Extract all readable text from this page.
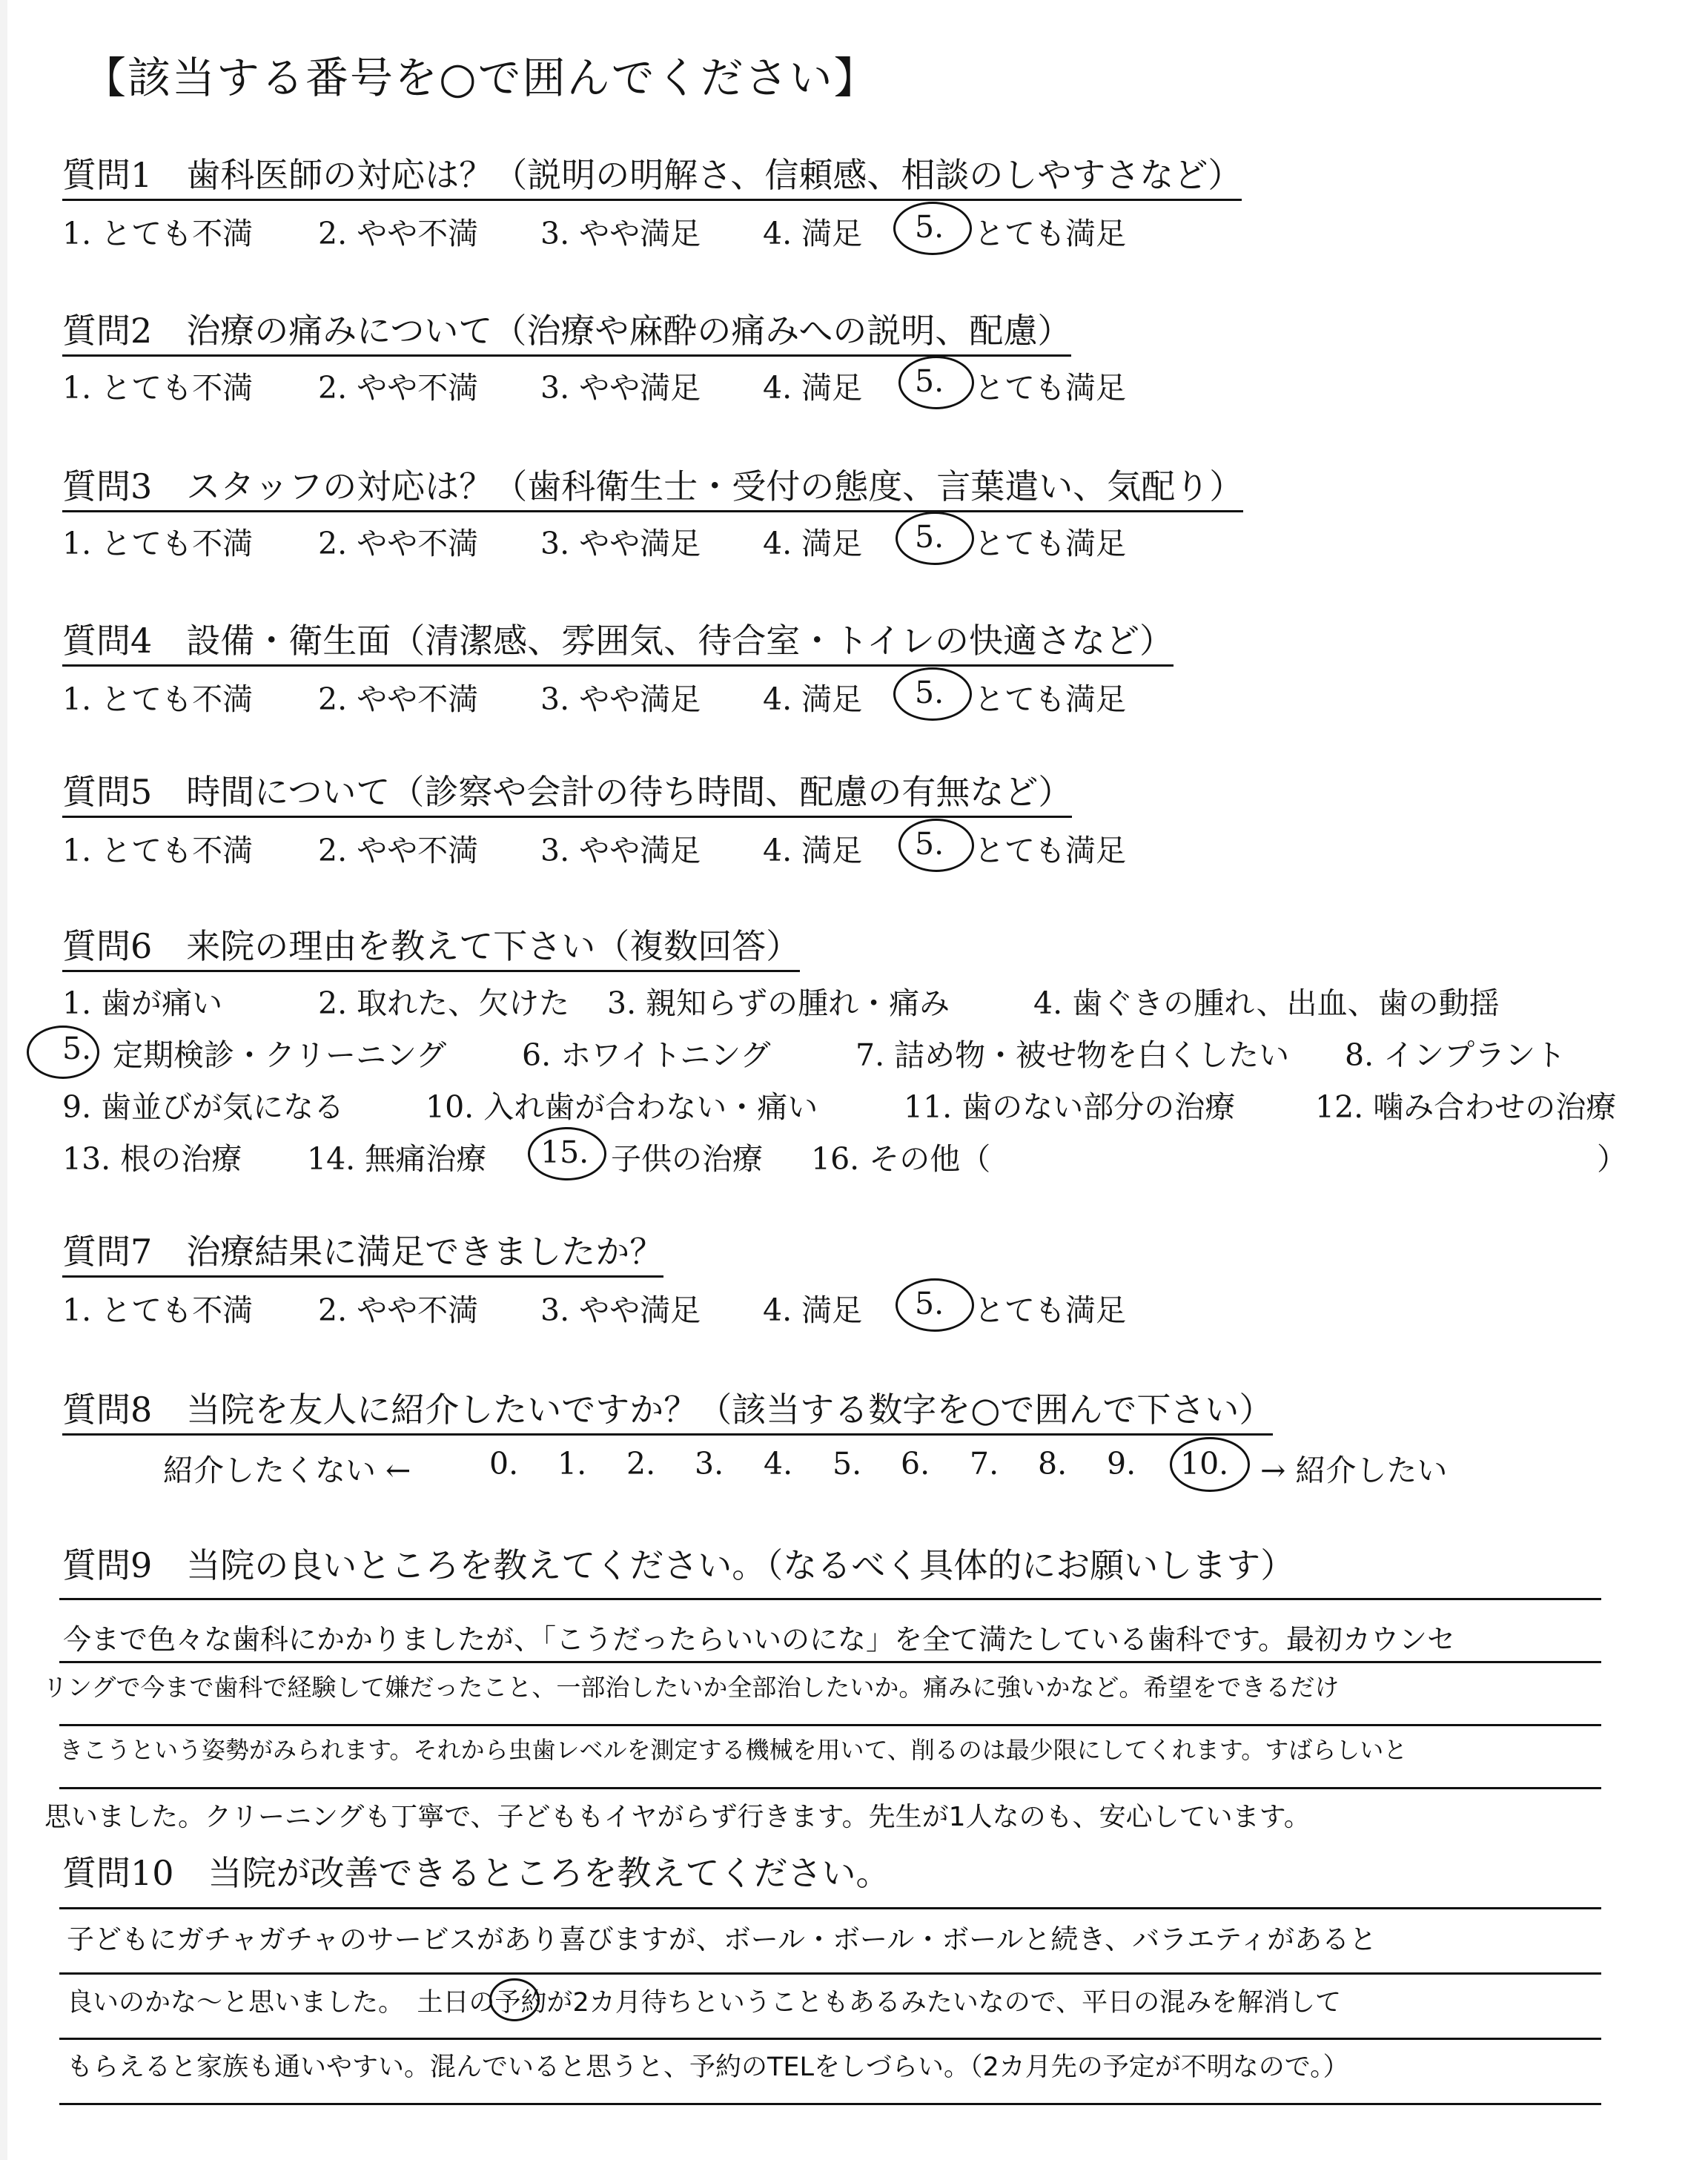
【該当する番号を○で囲んでください】
質問1　歯科医師の対応は？（説明の明解さ、信頼感、相談のしやすさなど）
1. とても不満 2. やや不満 3. やや満足 4. 満足 5. とても満足
質問2　治療の痛みについて（治療や麻酔の痛みへの説明、配慮）
1. とても不満 2. やや不満 3. やや満足 4. 満足 5. とても満足
質問3　スタッフの対応は？（歯科衛生士・受付の態度、言葉遣い、気配り）
1. とても不満 2. やや不満 3. やや満足 4. 満足 5. とても満足
質問4　設備・衛生面（清潔感、雰囲気、待合室・トイレの快適さなど）
1. とても不満 2. やや不満 3. やや満足 4. 満足 5. とても満足
質問5　時間について（診察や会計の待ち時間、配慮の有無など）
1. とても不満 2. やや不満 3. やや満足 4. 満足 5. とても満足
質問6　来院の理由を教えて下さい（複数回答）
1. 歯が痛い	2. 取れた、欠けた 3. 親知らずの腫れ・痛み	4. 歯ぐきの腫れ、出血、歯の動揺
5. 定期検診・クリーニング 6. ホワイトニング	7. 詰め物・被せ物を白くしたい 8. インプラント
9. 歯並びが気になる	10. 入れ歯が合わない・痛い	11. 歯のない部分の治療	12. 噛み合わせの治療
13. 根の治療 14. 無痛治療 15. 子供の治療 16. その他（	）
質問7　治療結果に満足できましたか？
1. とても不満 2. やや不満 3. やや満足 4. 満足 5. とても満足
質問8　当院を友人に紹介したいですか？（該当する数字を○で囲んで下さい）
紹介したくない ←	0. 1. 2. 3. 4. 5. 6. 7. 8. 9. 10. → 紹介したい
質問9　当院の良いところを教えてください。（なるべく具体的にお願いします）
今まで色々な歯科にかかりましたが、「こうだったらいいのにな」を全て満たしている歯科です。最初カウンセ
リングで今まで歯科で経験して嫌だったこと、一部治したいか全部治したいか。痛みに強いかなど。希望をできるだけ
きこうという姿勢がみられます。それから虫歯レベルを測定する機械を用いて、削るのは最少限にしてくれます。すばらしいと
思いました。クリーニングも丁寧で、子どももイヤがらず行きます。先生が1人なのも、安心しています。
質問10　当院が改善できるところを教えてください。
子どもにガチャガチャのサービスがあり喜びますが、ボール・ボール・ボールと続き、バラエティがあると
良いのかな〜と思いました。　土日の予約が2カ月待ちということもあるみたいなので、平日の混みを解消して
もらえると家族も通いやすい。混んでいると思うと、予約のTELをしづらい。（2カ月先の予定が不明なので。）
